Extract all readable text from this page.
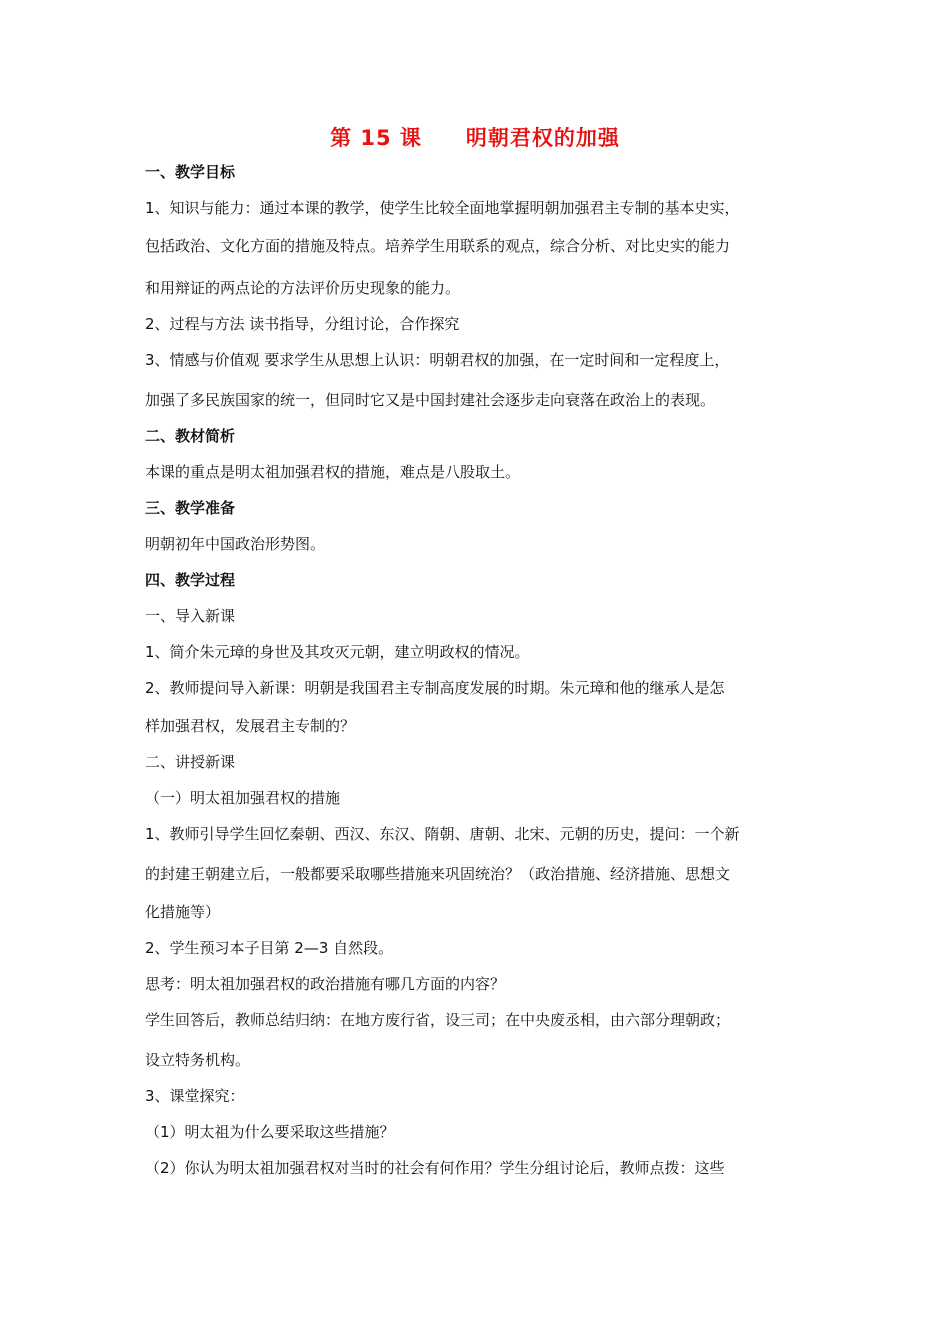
第 15 课 明朝君权的加强
一、教学目标
1、知识与能力：通过本课的教学，使学生比较全面地掌握明朝加强君主专制的基本史实，
包括政治、文化方面的措施及特点。培养学生用联系的观点，综合分析、对比史实的能力
和用辩证的两点论的方法评价历史现象的能力。
2、过程与方法 读书指导，分组讨论，合作探究
3、情感与价值观 要求学生从思想上认识：明朝君权的加强，在一定时间和一定程度上，
加强了多民族国家的统一，但同时它又是中国封建社会逐步走向衰落在政治上的表现。
二、教材简析
本课的重点是明太祖加强君权的措施，难点是八股取土。
三、教学准备
明朝初年中国政治形势图。
四、教学过程
一、导入新课
1、简介朱元璋的身世及其攻灭元朝，建立明政权的情况。
2、教师提问导入新课：明朝是我国君主专制高度发展的时期。朱元璋和他的继承人是怎
样加强君权，发展君主专制的？
二、讲授新课
（一）明太祖加强君权的措施
1、教师引导学生回忆秦朝、西汉、东汉、隋朝、唐朝、北宋、元朝的历史，提问：一个新
的封建王朝建立后，一般都要采取哪些措施来巩固统治？（政治措施、经济措施、思想文
化措施等）
2、学生预习本子目第 2—3 自然段。
思考：明太祖加强君权的政治措施有哪几方面的内容？
学生回答后，教师总结归纳：在地方废行省，设三司；在中央废丞相，由六部分理朝政；
设立特务机构。
3、课堂探究：
（1）明太祖为什么要采取这些措施？
（2）你认为明太祖加强君权对当时的社会有何作用？学生分组讨论后，教师点拨：这些
